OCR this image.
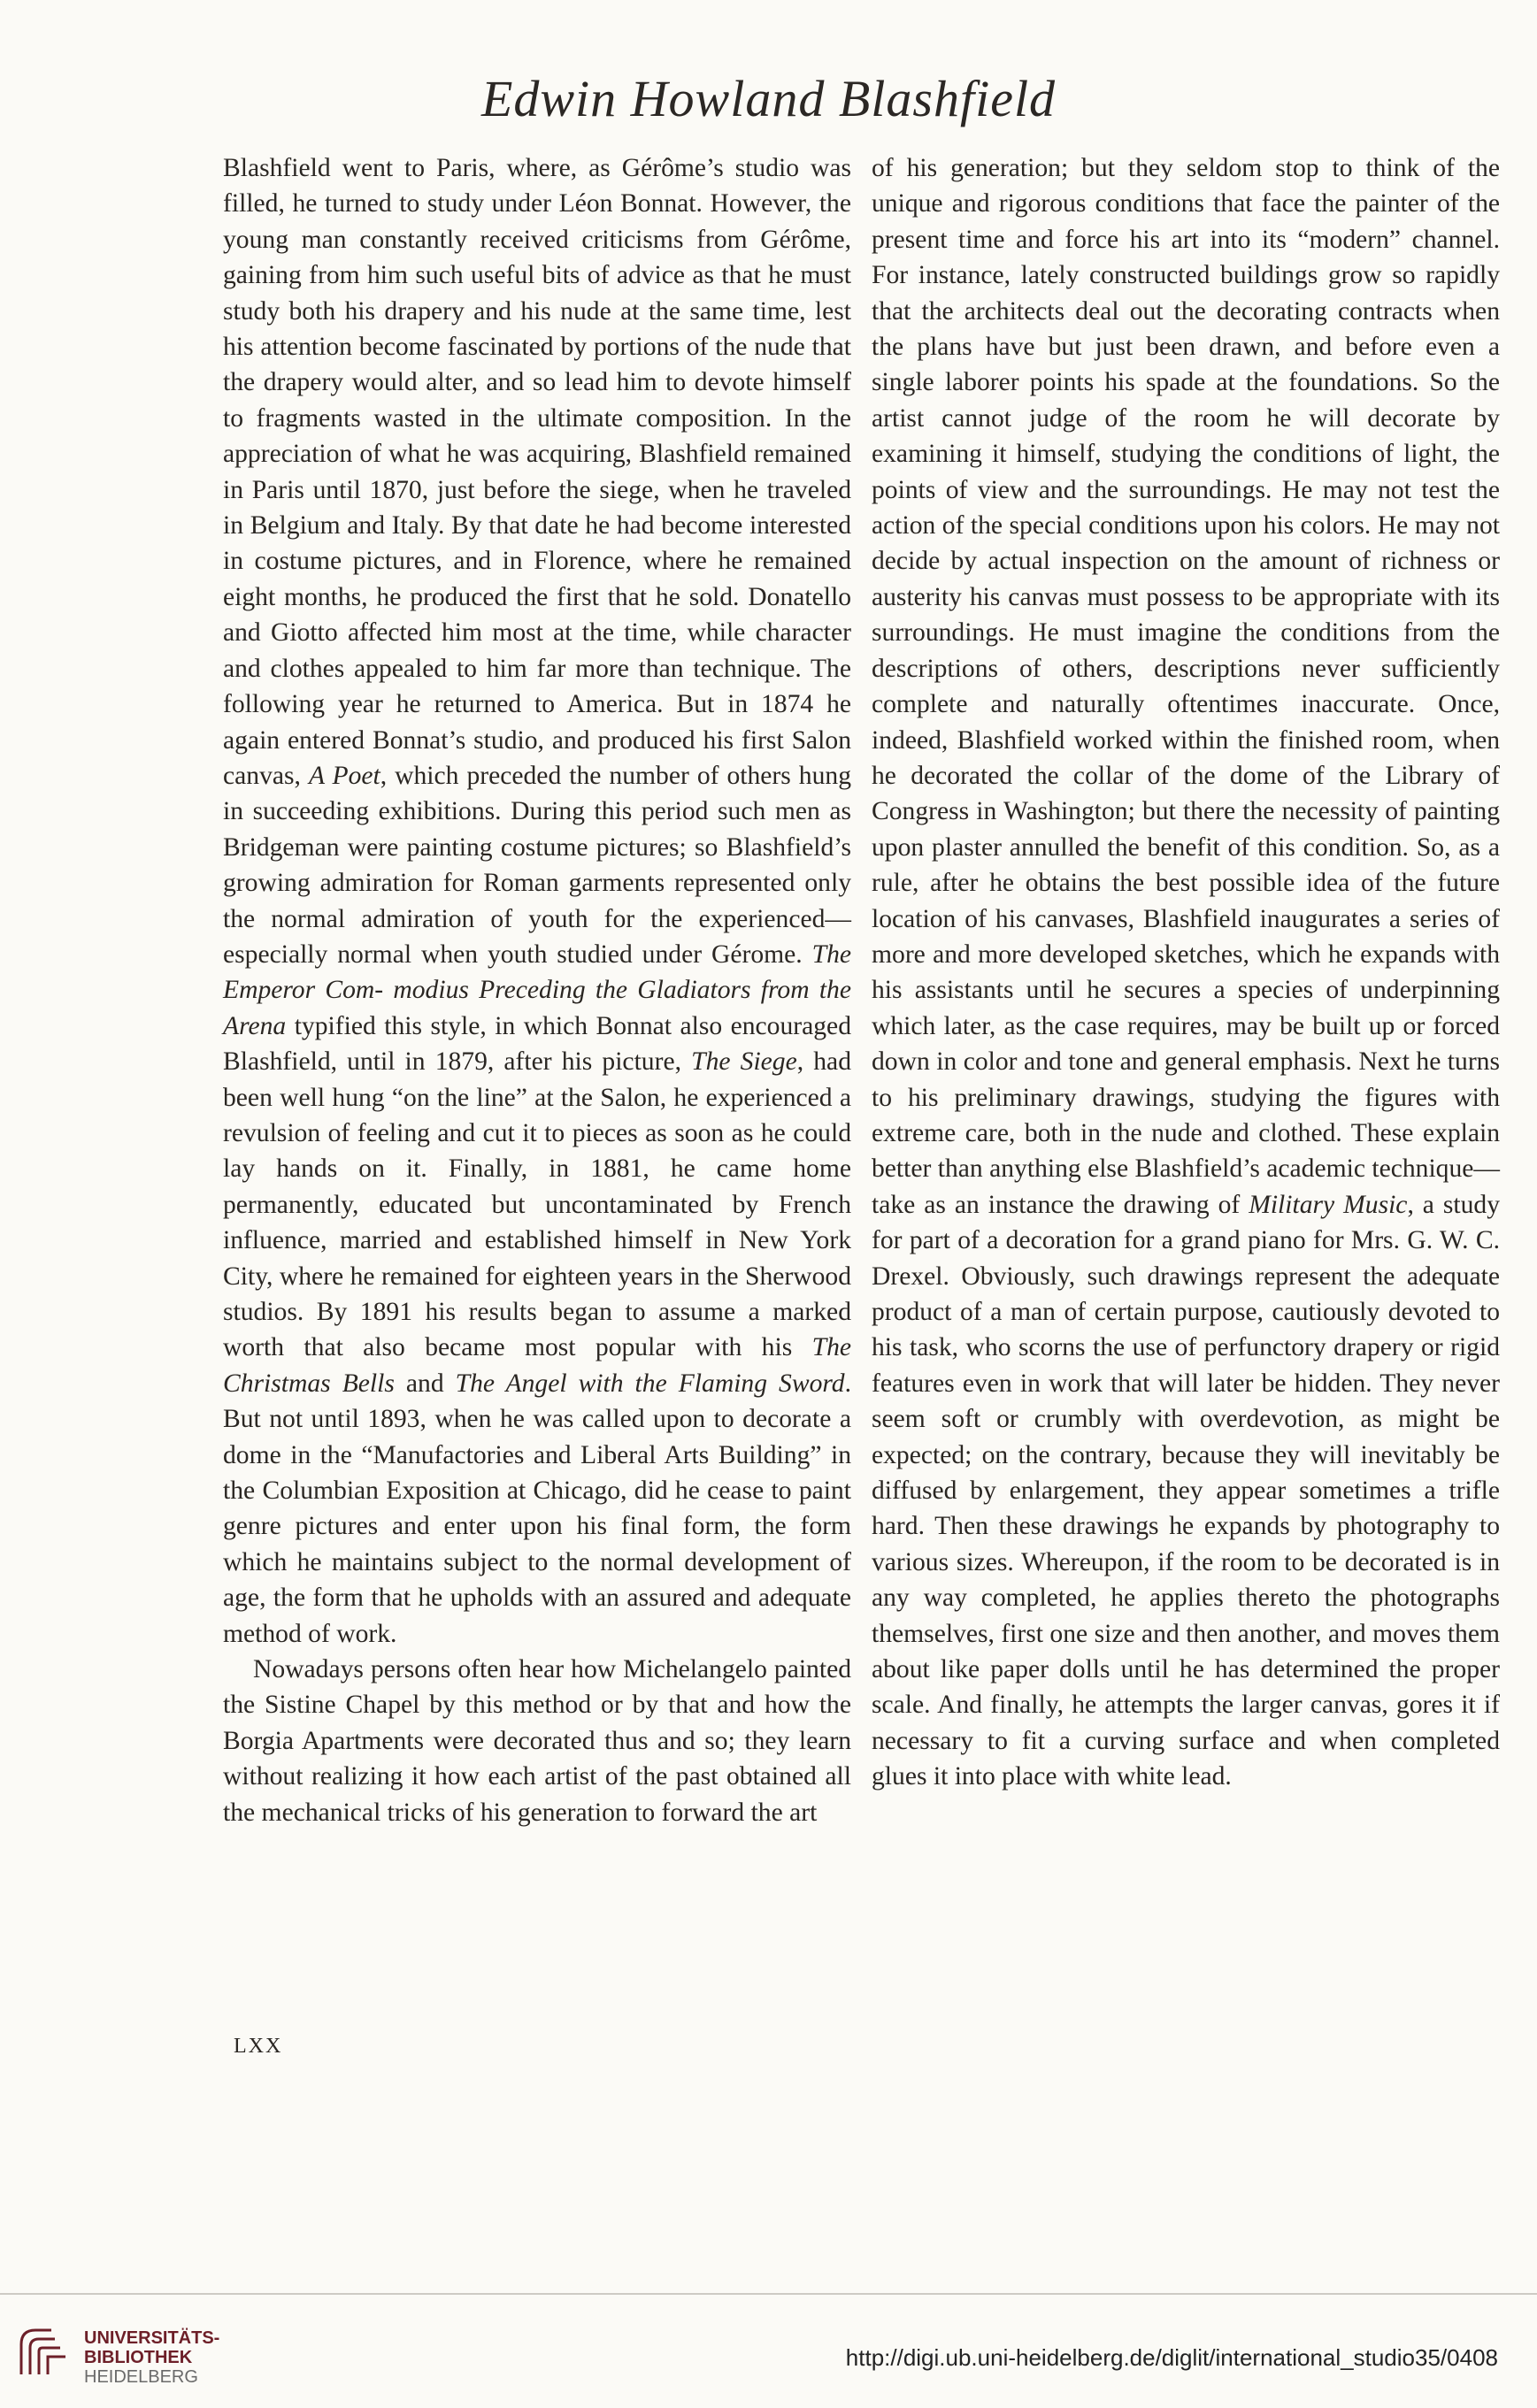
Edwin Howland Blashfield

Blashfield went to Paris, where, as Gérôme’s studio was filled, he turned to study under Léon Bonnat. However, the young man constantly received criticisms from Gérôme, gaining from him such useful bits of advice as that he must study both his drapery and his nude at the same time, lest his attention become fascinated by portions of the nude that the drapery would alter, and so lead him to devote himself to fragments wasted in the ultimate composition. In the appreciation of what he was acquiring, Blashfield remained in Paris until 1870, just before the siege, when he traveled in Belgium and Italy. By that date he had become interested in costume pictures, and in Florence, where he remained eight months, he produced the first that he sold. Donatello and Giotto affected him most at the time, while character and clothes appealed to him far more than technique. The following year he returned to America. But in 1874 he again entered Bonnat’s studio, and produced his first Salon canvas, A Poet, which preceded the number of others hung in succeeding exhibitions. During this period such men as Bridgeman were painting costume pictures; so Blashfield’s growing admiration for Roman garments represented only the normal admiration of youth for the experienced—especially normal when youth studied under Gérome. The Emperor Com- modius Preceding the Gladiators from the Arena typified this style, in which Bonnat also encouraged Blashfield, until in 1879, after his picture, The Siege, had been well hung “on the line” at the Salon, he experienced a revulsion of feeling and cut it to pieces as soon as he could lay hands on it. Finally, in 1881, he came home permanently, educated but uncontaminated by French influence, married and established himself in New York City, where he remained for eighteen years in the Sherwood studios. By 1891 his results began to assume a marked worth that also became most popular with his The Christmas Bells and The Angel with the Flaming Sword. But not until 1893, when he was called upon to decorate a dome in the “Manufactories and Liberal Arts Building” in the Columbian Exposition at Chicago, did he cease to paint genre pictures and enter upon his final form, the form which he maintains subject to the normal development of age, the form that he upholds with an assured and adequate method of work.

Nowadays persons often hear how Michelangelo painted the Sistine Chapel by this method or by that and how the Borgia Apartments were decorated thus and so; they learn without realizing it how each artist of the past obtained all the mechanical tricks of his generation to forward the art

of his generation; but they seldom stop to think of the unique and rigorous conditions that face the painter of the present time and force his art into its “modern” channel. For instance, lately constructed buildings grow so rapidly that the architects deal out the decorating contracts when the plans have but just been drawn, and before even a single laborer points his spade at the foundations. So the artist cannot judge of the room he will decorate by examining it himself, studying the conditions of light, the points of view and the surroundings. He may not test the action of the special conditions upon his colors. He may not decide by actual inspection on the amount of richness or austerity his canvas must possess to be appropriate with its surroundings. He must imagine the conditions from the descriptions of others, descriptions never sufficiently complete and naturally oftentimes inaccurate. Once, indeed, Blashfield worked within the finished room, when he decorated the collar of the dome of the Library of Congress in Washington; but there the necessity of painting upon plaster annulled the benefit of this condition. So, as a rule, after he obtains the best possible idea of the future location of his canvases, Blashfield inaugurates a series of more and more developed sketches, which he expands with his assistants until he secures a species of underpinning which later, as the case requires, may be built up or forced down in color and tone and general emphasis. Next he turns to his preliminary drawings, studying the figures with extreme care, both in the nude and clothed. These explain better than anything else Blashfield’s academic technique—take as an instance the drawing of Military Music, a study for part of a decoration for a grand piano for Mrs. G. W. C. Drexel. Obviously, such drawings represent the adequate product of a man of certain purpose, cautiously devoted to his task, who scorns the use of perfunctory drapery or rigid features even in work that will later be hidden. They never seem soft or crumbly with overdevotion, as might be expected; on the contrary, because they will inevitably be diffused by enlargement, they appear sometimes a trifle hard. Then these drawings he expands by photography to various sizes. Whereupon, if the room to be decorated is in any way completed, he applies thereto the photographs themselves, first one size and then another, and moves them about like paper dolls until he has determined the proper scale. And finally, he attempts the larger canvas, gores it if necessary to fit a curving surface and when completed glues it into place with white lead.

LXX
UNIVERSITÄTS-
BIBLIOTHEK
HEIDELBERG
http://digi.ub.uni-heidelberg.de/diglit/international_studio35/0408
